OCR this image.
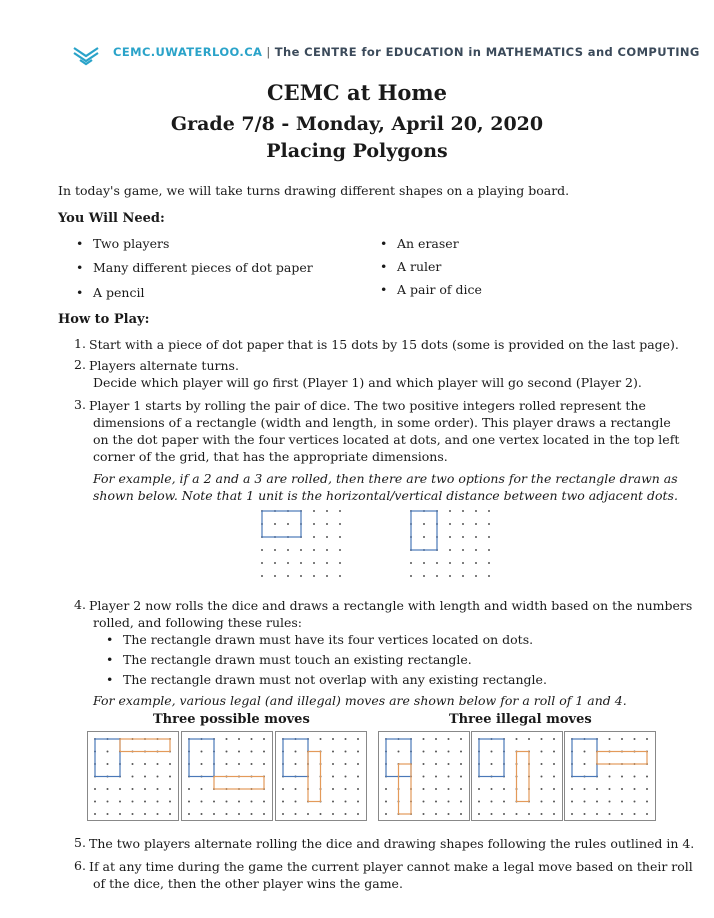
CEMC.UWATERLOO.CA | The CENTRE for EDUCATION in MATHEMATICS and COMPUTING
CEMC at Home
Grade 7/8 - Monday, April 20, 2020
Placing Polygons
In today's game, we will take turns drawing different shapes on a playing board.
You Will Need:
• Two players
• Many different pieces of dot paper
• A pencil
• An eraser
• A ruler
• A pair of dice
How to Play:
1. Start with a piece of dot paper that is 15 dots by 15 dots (some is provided on the last page).
2. Players alternate turns.
Decide which player will go first (Player 1) and which player will go second (Player 2).
3. Player 1 starts by rolling the pair of dice. The two positive integers rolled represent the
dimensions of a rectangle (width and length, in some order). This player draws a rectangle
on the dot paper with the four vertices located at dots, and one vertex located in the top left
corner of the grid, that has the appropriate dimensions.
For example, if a 2 and a 3 are rolled, then there are two options for the rectangle drawn as
shown below. Note that 1 unit is the horizontal/vertical distance between two adjacent dots.
4. Player 2 now rolls the dice and draws a rectangle with length and width based on the numbers
rolled, and following these rules:
• The rectangle drawn must have its four vertices located on dots.
• The rectangle drawn must touch an existing rectangle.
• The rectangle drawn must not overlap with any existing rectangle.
For example, various legal (and illegal) moves are shown below for a roll of 1 and 4.
Three possible moves	Three illegal moves
5. The two players alternate rolling the dice and drawing shapes following the rules outlined in 4.
6. If at any time during the game the current player cannot make a legal move based on their roll
of the dice, then the other player wins the game.
